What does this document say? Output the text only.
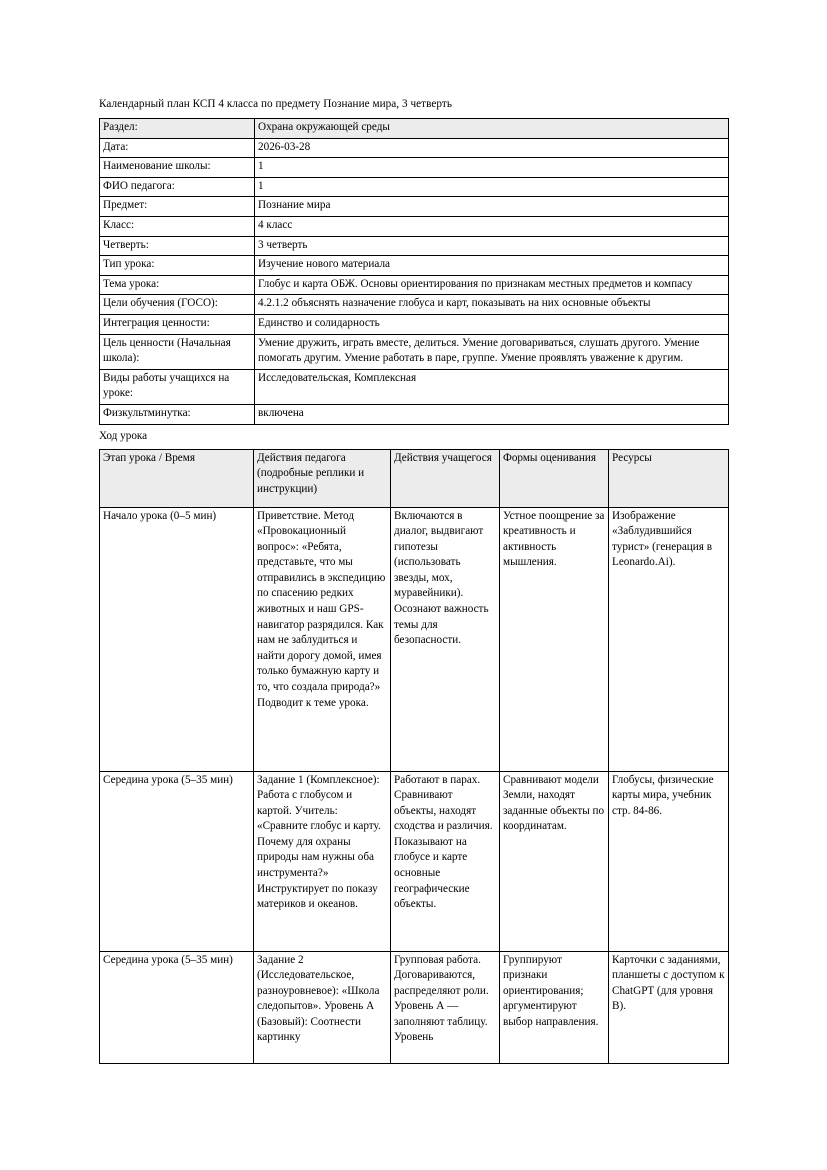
Календарный план КСП 4 класса по предмету Познание мира, 3 четверть
Раздел:	Охрана окружающей среды
Дата:	2026-03-28
Наименование школы:	1
ФИО педагога:	1
Предмет:	Познание мира
Класс:	4 класс
Четверть:	3 четверть
Тип урока:	Изучение нового материала
Тема урока:	Глобус и карта ОБЖ. Основы ориентирования по признакам местных предметов и компасу
Цели обучения (ГОСО):	4.2.1.2 объяснять назначение глобуса и карт, показывать на них основные объекты
Интеграция ценности:	Единство и солидарность
Цель ценности (Начальная школа):	Умение дружить, играть вместе, делиться. Умение договариваться, слушать другого. Умение помогать другим. Умение работать в паре, группе. Умение проявлять уважение к другим.
Виды работы учащихся на уроке:	Исследовательская, Комплексная
Физкультминутка:	включена
Ход урока
Этап урока / Время	Действия педагога (подробные реплики и инструкции)	Действия учащегося	Формы оценивания	Ресурсы
Начало урока (0–5 мин)	Приветствие. Метод «Провокационный вопрос»: «Ребята, представьте, что мы отправились в экспедицию по спасению редких животных и наш GPS-навигатор разрядился. Как нам не заблудиться и найти дорогу домой, имея только бумажную карту и то, что создала природа?» Подводит к теме урока.	Включаются в диалог, выдвигают гипотезы (использовать звезды, мох, муравейники). Осознают важность темы для безопасности.	Устное поощрение за креативность и активность мышления.	Изображение «Заблудившийся турист» (генерация в Leonardo.Ai).
Середина урока (5–35 мин)	Задание 1 (Комплексное): Работа с глобусом и картой. Учитель: «Сравните глобус и карту. Почему для охраны природы нам нужны оба инструмента?» Инструктирует по показу материков и океанов.	Работают в парах. Сравнивают объекты, находят сходства и различия. Показывают на глобусе и карте основные географические объекты.	Сравнивают модели Земли, находят заданные объекты по координатам.	Глобусы, физические карты мира, учебник стр. 84-86.
Середина урока (5–35 мин)	Задание 2 (Исследовательское, разноуровневое): «Школа следопытов». Уровень А (Базовый): Соотнести картинку	Групповая работа. Договариваются, распределяют роли. Уровень А — заполняют таблицу. Уровень	Группируют признаки ориентирования; аргументируют выбор направления.	Карточки с заданиями, планшеты с доступом к ChatGPT (для уровня B).
